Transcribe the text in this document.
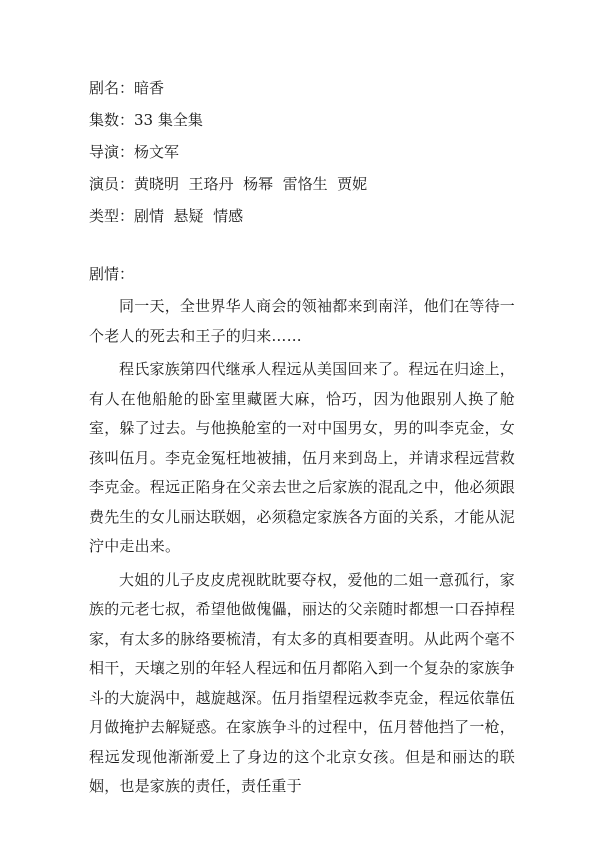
剧名：暗香
集数：33 集全集
导演：杨文军
演员：黄晓明  王珞丹  杨幂  雷恪生  贾妮
类型：剧情  悬疑  情感
剧情：

同一天，全世界华人商会的领袖都来到南洋，他们在等待一个老人的死去和王子的归来……

程氏家族第四代继承人程远从美国回来了。程远在归途上，有人在他船舱的卧室里藏匿大麻，恰巧，因为他跟别人换了舱室，躲了过去。与他换舱室的一对中国男女，男的叫李克金，女孩叫伍月。李克金冤枉地被捕，伍月来到岛上，并请求程远营救李克金。程远正陷身在父亲去世之后家族的混乱之中，他必须跟费先生的女儿丽达联姻，必须稳定家族各方面的关系，才能从泥泞中走出来。

大姐的儿子皮皮虎视眈眈要夺权，爱他的二姐一意孤行，家族的元老七叔，希望他做傀儡，丽达的父亲随时都想一口吞掉程家，有太多的脉络要梳清，有太多的真相要查明。从此两个毫不相干，天壤之别的年轻人程远和伍月都陷入到一个复杂的家族争斗的大旋涡中，越旋越深。伍月指望程远救李克金，程远依靠伍月做掩护去解疑惑。在家族争斗的过程中，伍月替他挡了一枪，程远发现他渐渐爱上了身边的这个北京女孩。但是和丽达的联姻，也是家族的责任，责任重于
